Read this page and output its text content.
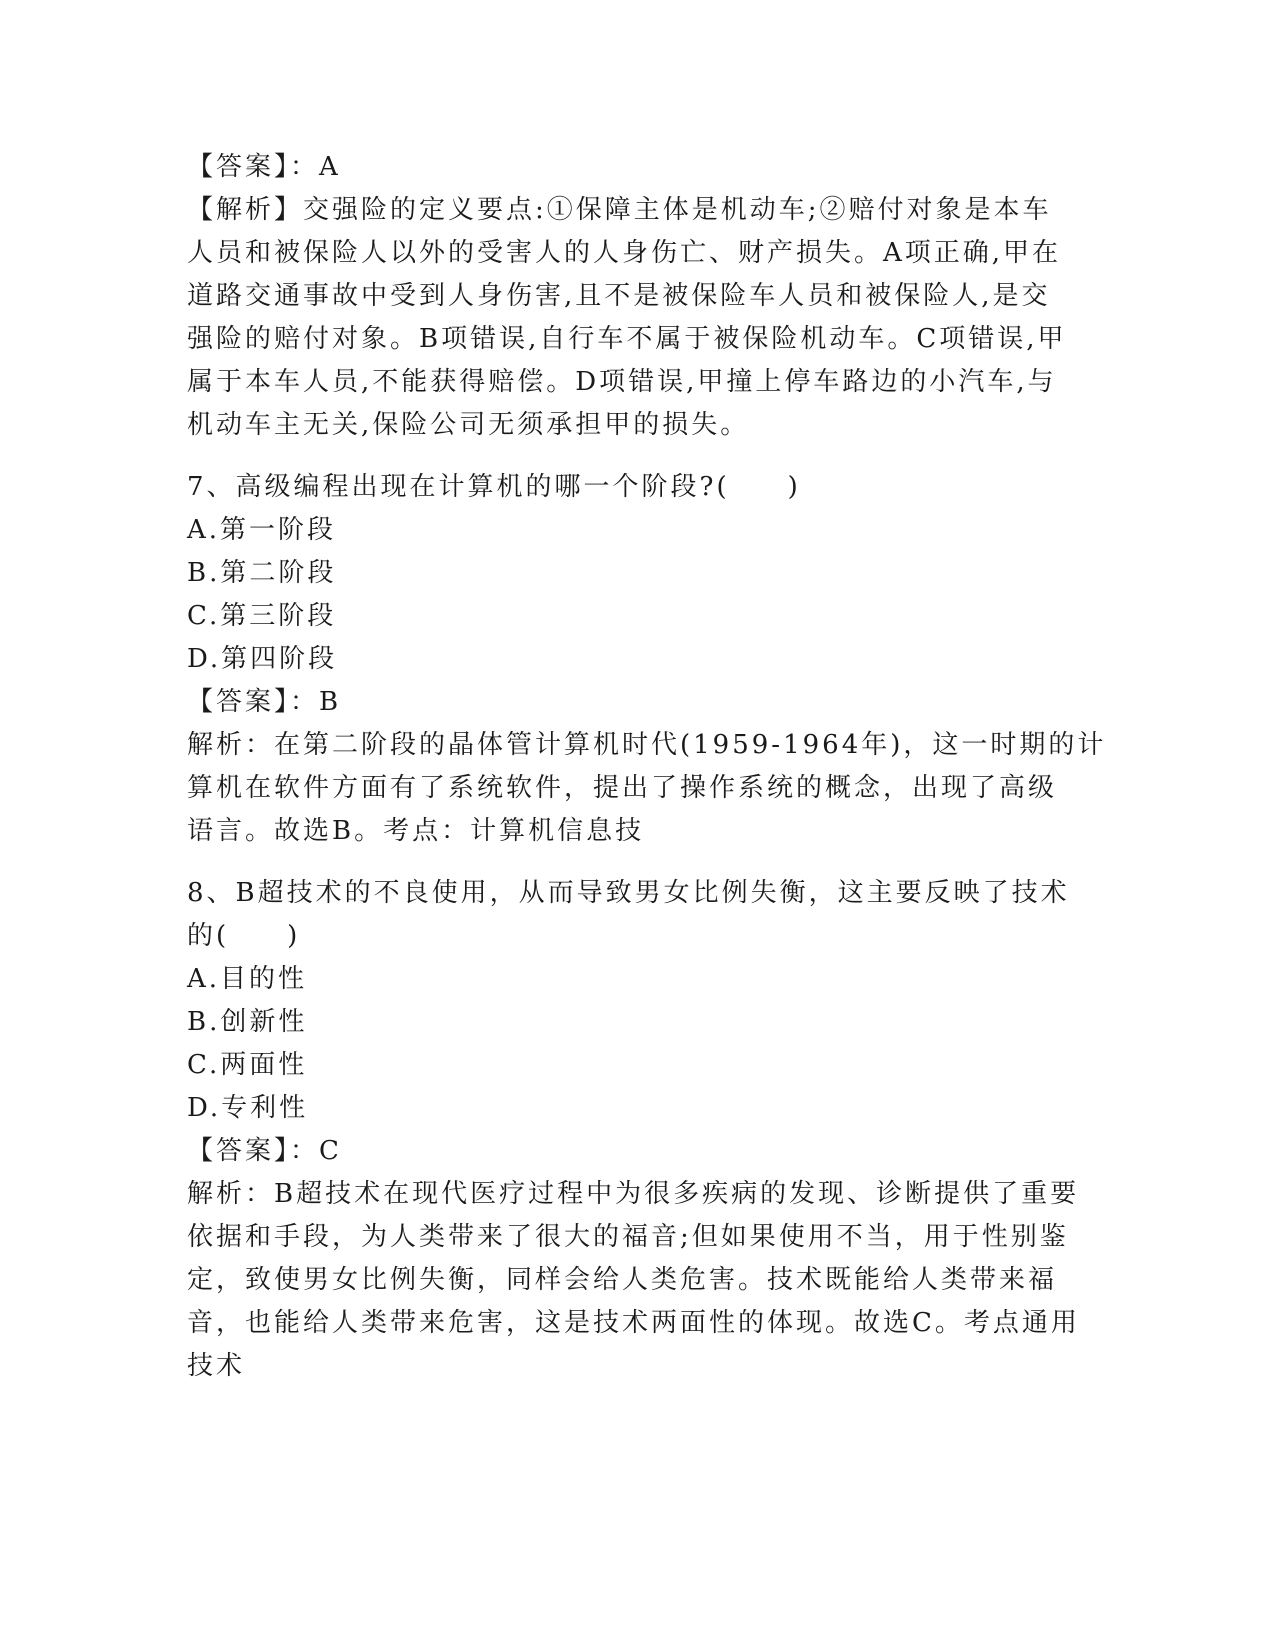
【答案】：A
【解析】交强险的定义要点:①保障主体是机动车;②赔付对象是本车
人员和被保险人以外的受害人的人身伤亡、财产损失。A项正确,甲在
道路交通事故中受到人身伤害,且不是被保险车人员和被保险人,是交
强险的赔付对象。B项错误,自行车不属于被保险机动车。C项错误,甲
属于本车人员,不能获得赔偿。D项错误,甲撞上停车路边的小汽车,与
机动车主无关,保险公司无须承担甲的损失。
7、高级编程出现在计算机的哪一个阶段?(　　)
A.第一阶段
B.第二阶段
C.第三阶段
D.第四阶段
【答案】：B
解析：在第二阶段的晶体管计算机时代(1959-1964年)，这一时期的计
算机在软件方面有了系统软件，提出了操作系统的概念，出现了高级
语言。故选B。考点：计算机信息技
8、B超技术的不良使用，从而导致男女比例失衡，这主要反映了技术
的(　　)
A.目的性
B.创新性
C.两面性
D.专利性
【答案】：C
解析：B超技术在现代医疗过程中为很多疾病的发现、诊断提供了重要
依据和手段，为人类带来了很大的福音;但如果使用不当，用于性别鉴
定，致使男女比例失衡，同样会给人类危害。技术既能给人类带来福
音，也能给人类带来危害，这是技术两面性的体现。故选C。考点通用
技术
